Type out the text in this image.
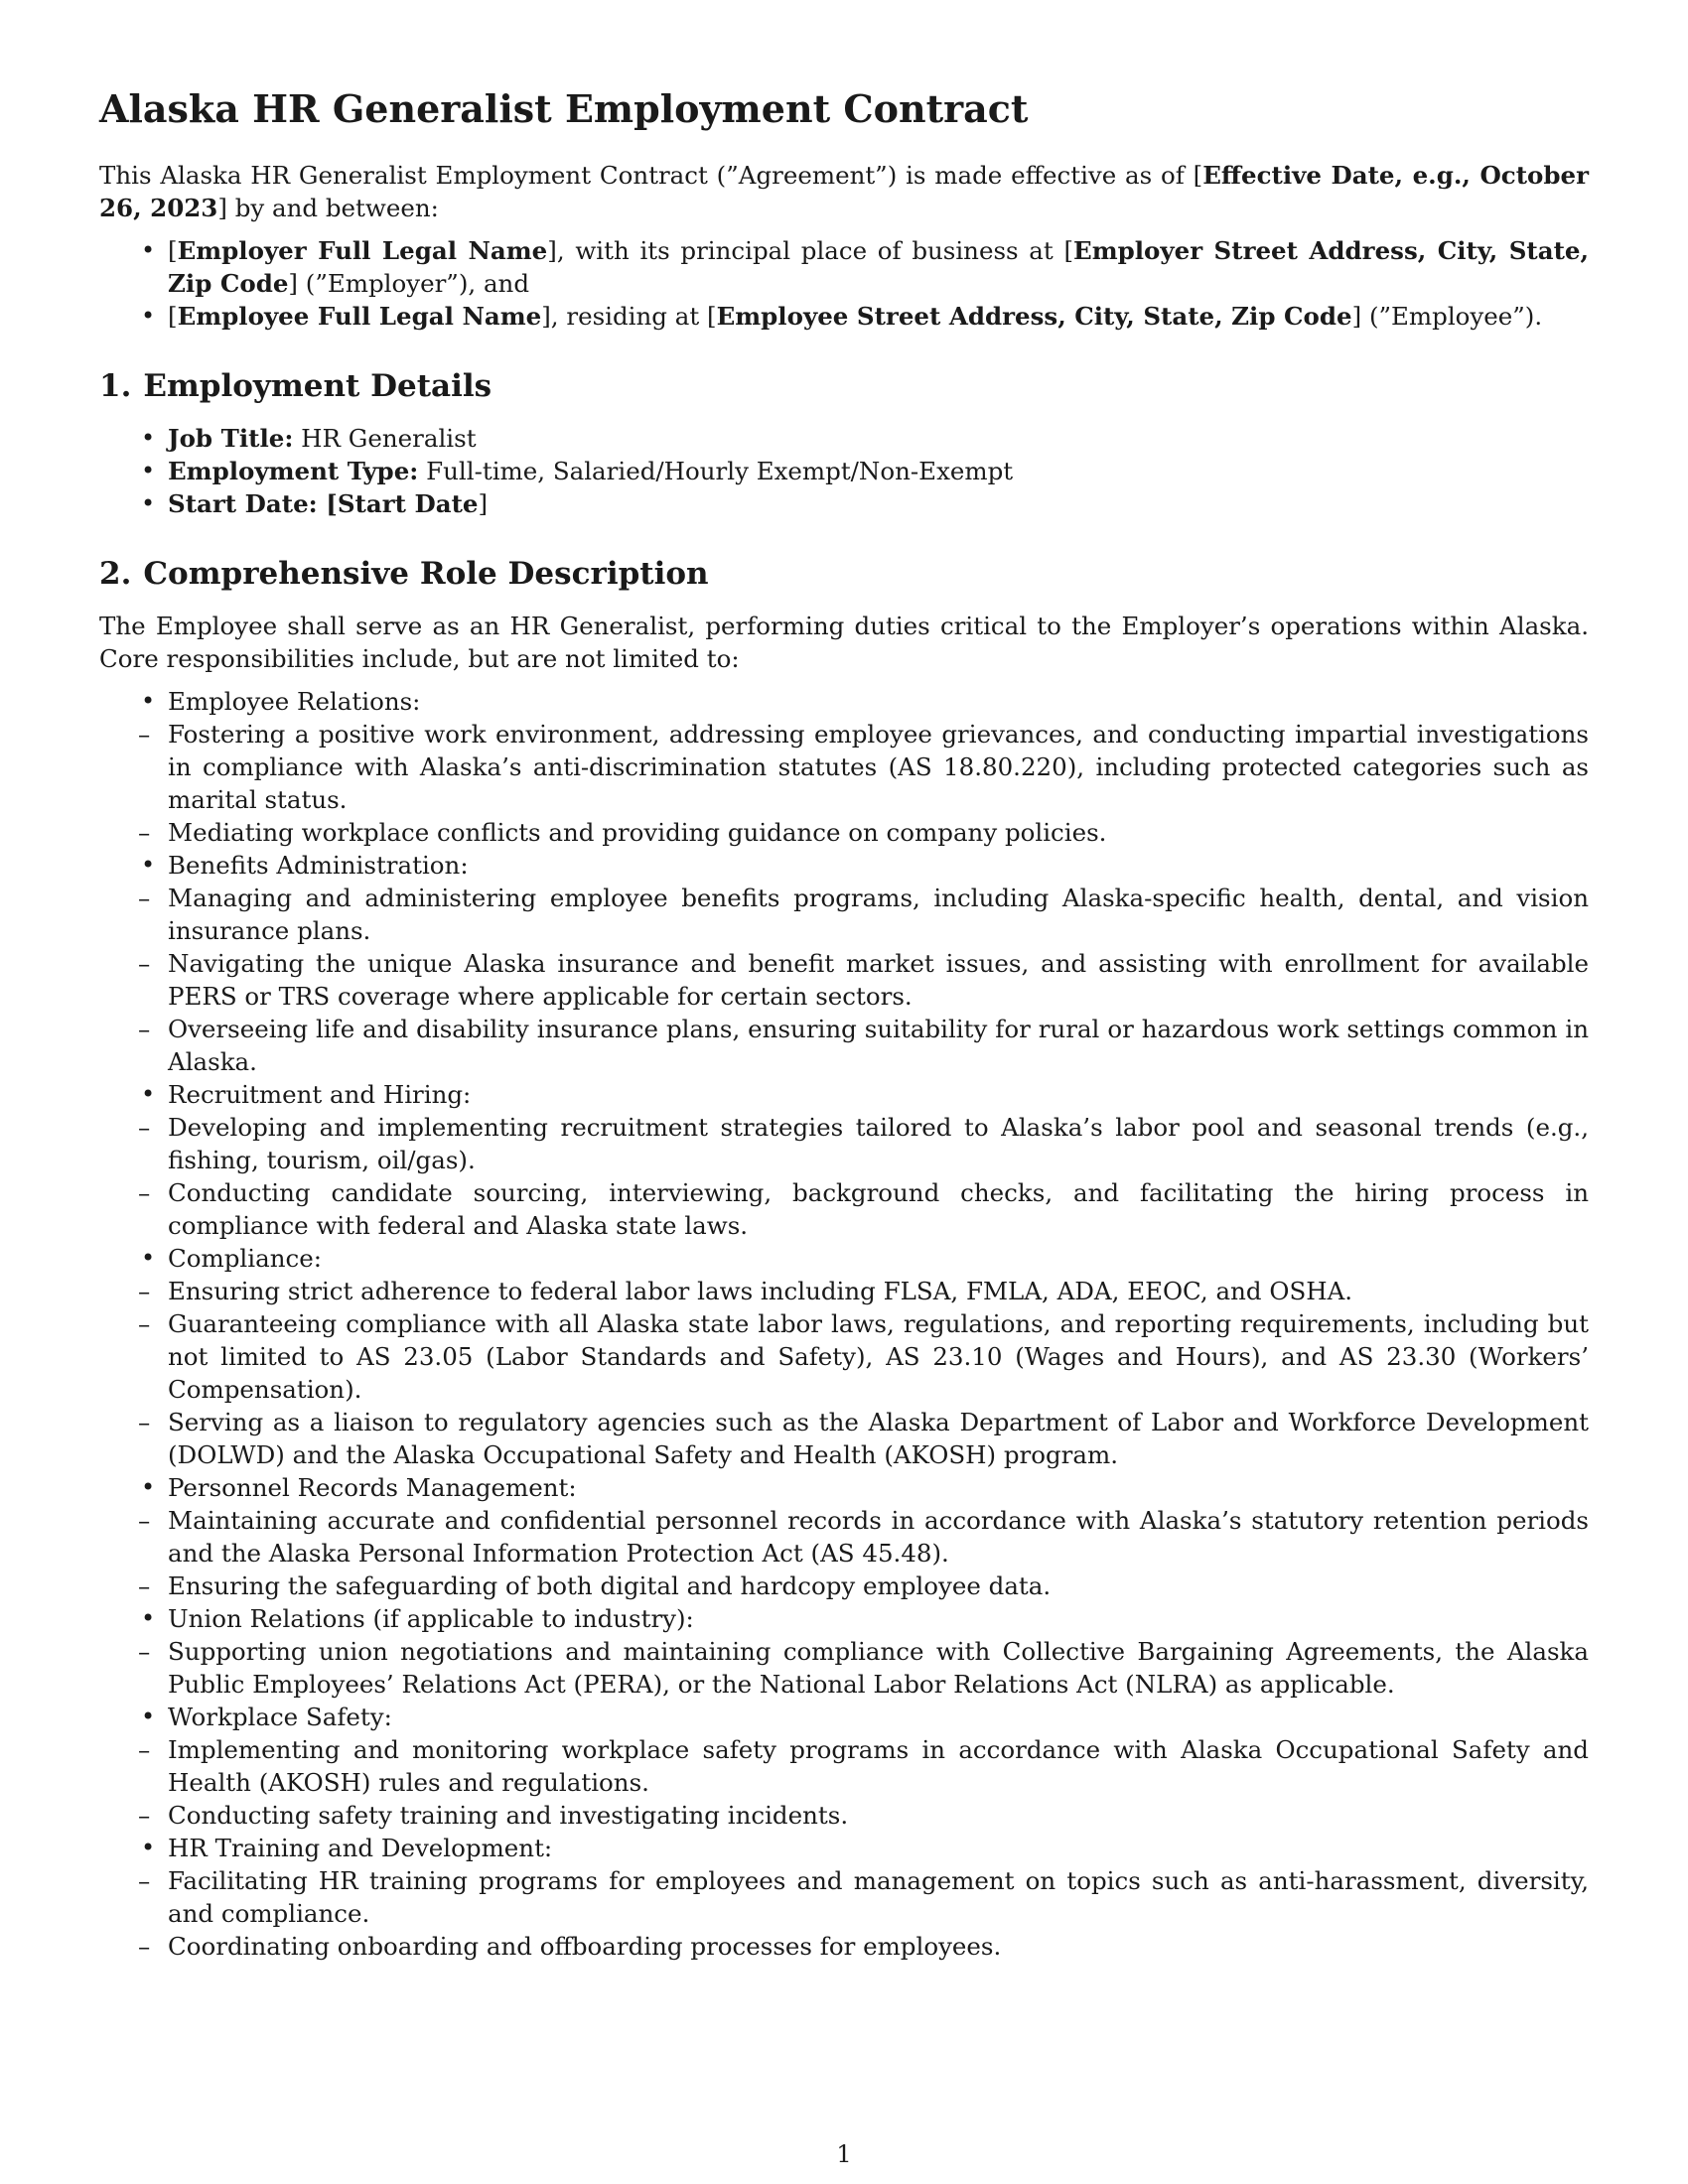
Alaska HR Generalist Employment Contract

This Alaska HR Generalist Employment Contract (”Agreement”) is made effective as of [Effective Date, e.g., October 26, 2023] by and between:

• [Employer Full Legal Name], with its principal place of business at [Employer Street Address, City, State, Zip Code] (”Employer”), and
• [Employee Full Legal Name], residing at [Employee Street Address, City, State, Zip Code] (”Employee”).
1. Employment Details
• Job Title: HR Generalist
• Employment Type: Full-time, Salaried/Hourly Exempt/Non-Exempt
• Start Date: [Start Date]
2. Comprehensive Role Description

The Employee shall serve as an HR Generalist, performing duties critical to the Employer’s operations within Alaska. Core responsibilities include, but are not limited to:

• Employee Relations:
– Fostering a positive work environment, addressing employee grievances, and conducting impartial investigations in compliance with Alaska’s anti-discrimination statutes (AS 18.80.220), including protected categories such as marital status.
– Mediating workplace conflicts and providing guidance on company policies.
• Benefits Administration:
– Managing and administering employee benefits programs, including Alaska-specific health, dental, and vision insurance plans.
– Navigating the unique Alaska insurance and benefit market issues, and assisting with enrollment for available PERS or TRS coverage where applicable for certain sectors.
– Overseeing life and disability insurance plans, ensuring suitability for rural or hazardous work settings common in Alaska.
• Recruitment and Hiring:
– Developing and implementing recruitment strategies tailored to Alaska’s labor pool and seasonal trends (e.g., fishing, tourism, oil/gas).
– Conducting candidate sourcing, interviewing, background checks, and facilitating the hiring process in compliance with federal and Alaska state laws.
• Compliance:
– Ensuring strict adherence to federal labor laws including FLSA, FMLA, ADA, EEOC, and OSHA.
– Guaranteeing compliance with all Alaska state labor laws, regulations, and reporting requirements, including but not limited to AS 23.05 (Labor Standards and Safety), AS 23.10 (Wages and Hours), and AS 23.30 (Workers’ Compensation).
– Serving as a liaison to regulatory agencies such as the Alaska Department of Labor and Workforce Development (DOLWD) and the Alaska Occupational Safety and Health (AKOSH) program.
• Personnel Records Management:
– Maintaining accurate and confidential personnel records in accordance with Alaska’s statutory retention periods and the Alaska Personal Information Protection Act (AS 45.48).
– Ensuring the safeguarding of both digital and hardcopy employee data.
• Union Relations (if applicable to industry):
– Supporting union negotiations and maintaining compliance with Collective Bargaining Agreements, the Alaska Public Employees’ Relations Act (PERA), or the National Labor Relations Act (NLRA) as applicable.
• Workplace Safety:
– Implementing and monitoring workplace safety programs in accordance with Alaska Occupational Safety and Health (AKOSH) rules and regulations.
– Conducting safety training and investigating incidents.
• HR Training and Development:
– Facilitating HR training programs for employees and management on topics such as anti-harassment, diversity, and compliance.
– Coordinating onboarding and offboarding processes for employees.
1
